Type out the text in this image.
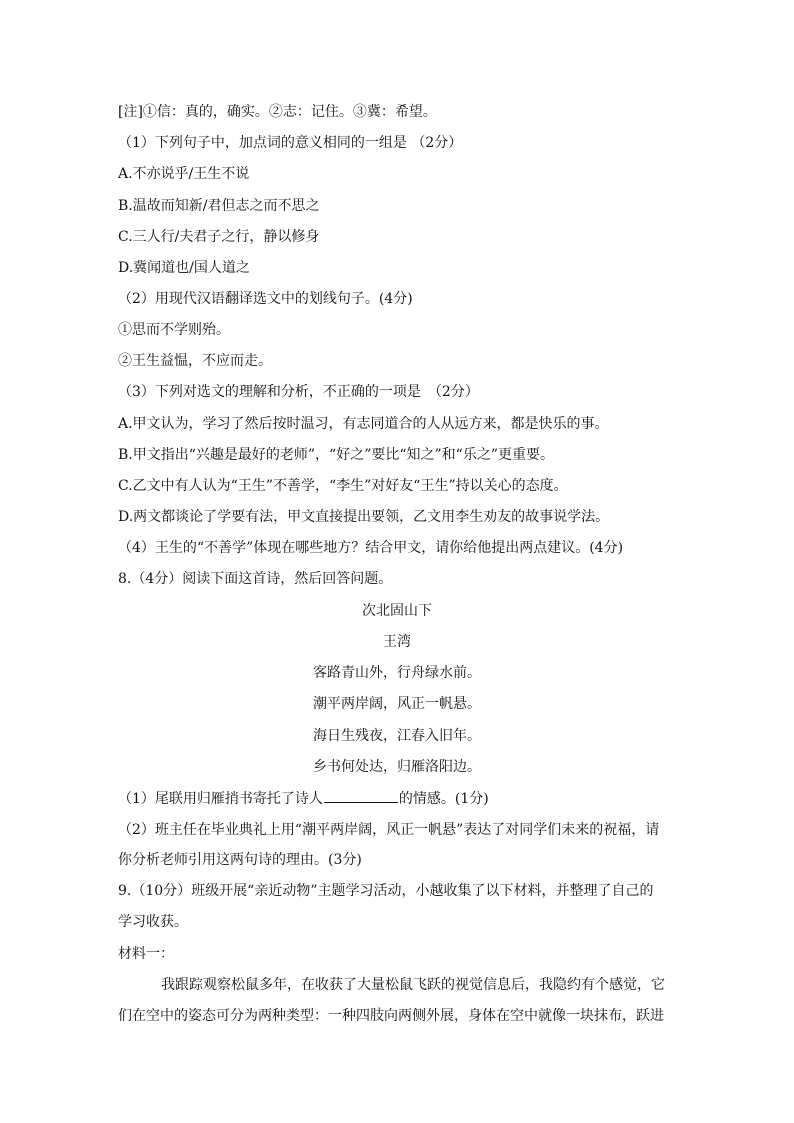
[注]①信：真的，确实。②志：记住。③冀：希望。
（1）下列句子中，加点词的意义相同的一组是 （2分）
A.不亦说乎/王生不说
B.温故而知新/君但志之而不思之
C.三人行/夫君子之行，静以修身
D.冀闻道也/国人道之
（2）用现代汉语翻译选文中的划线句子。(4分)
①思而不学则殆。
②王生益愠，不应而走。
（3）下列对选文的理解和分析，不正确的一项是　（2分）
A.甲文认为，学习了然后按时温习，有志同道合的人从远方来，都是快乐的事。
B.甲文指出“兴趣是最好的老师”，“好之”要比“知之”和“乐之”更重要。
C.乙文中有人认为“王生”不善学，“李生”对好友“王生”持以关心的态度。
D.两文都谈论了学要有法，甲文直接提出要领，乙文用李生劝友的故事说学法。
（4）王生的“不善学”体现在哪些地方？结合甲文，请你给他提出两点建议。(4分)
8.（4分）阅读下面这首诗，然后回答问题。
次北固山下
王湾
客路青山外，行舟绿水前。
潮平两岸阔，风正一帆悬。
海日生残夜，江春入旧年。
乡书何处达，归雁洛阳边。
（1）尾联用归雁捎书寄托了诗人	的情感。(1分)
（2）班主任在毕业典礼上用“潮平两岸阔，风正一帆悬”表达了对同学们未来的祝福，请
你分析老师引用这两句诗的理由。(3分)
9.（10分）班级开展“亲近动物”主题学习活动，小越收集了以下材料，并整理了自己的
学习收获。
材料一：
我跟踪观察松鼠多年，在收获了大量松鼠飞跃的视觉信息后，我隐约有个感觉，它
们在空中的姿态可分为两种类型：一种四肢向两侧外展，身体在空中就像一块抹布，跃进
